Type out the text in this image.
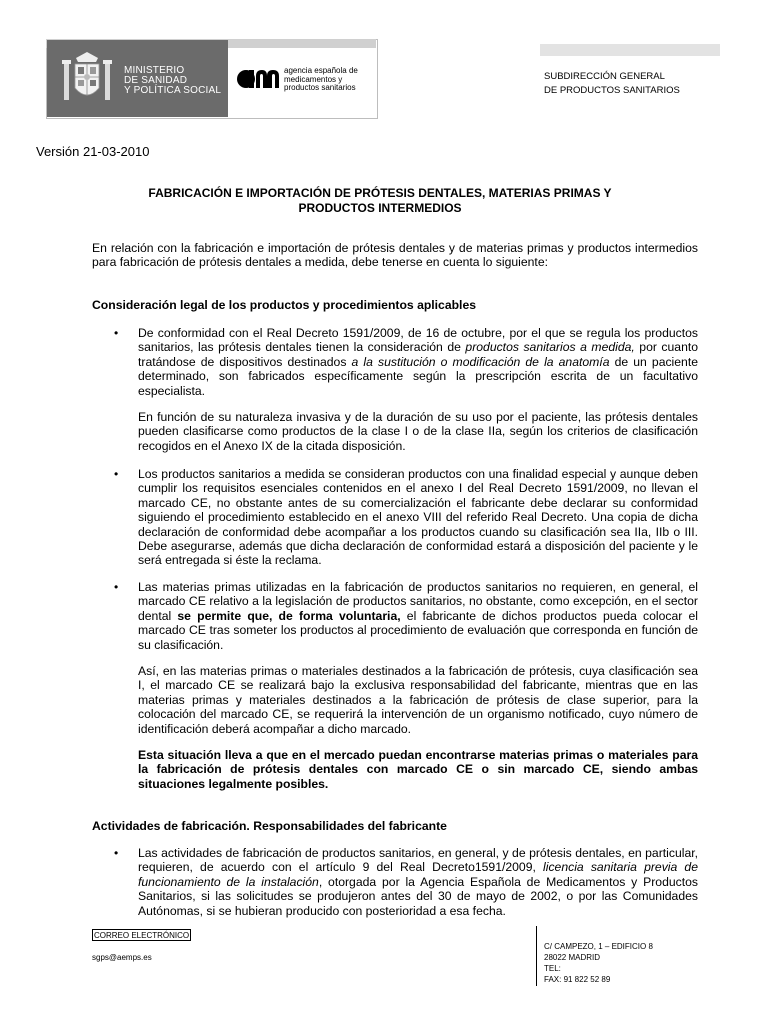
MINISTERIO
DE SANIDAD
Y POLÍTICA SOCIAL
agencia española de
medicamentos y
productos sanitarios
SUBDIRECCIÓN GENERAL
DE PRODUCTOS SANITARIOS
Versión 21-03-2010
FABRICACIÓN E IMPORTACIÓN DE PRÓTESIS DENTALES, MATERIAS PRIMAS Y
PRODUCTOS INTERMEDIOS
En relación con la fabricación e importación de prótesis dentales y de materias primas y productos intermedios para fabricación de prótesis dentales a medida, debe tenerse en cuenta lo siguiente:
Consideración legal de los productos y procedimientos aplicables
• De conformidad con el Real Decreto 1591/2009, de 16 de octubre, por el que se regula los productos sanitarios, las prótesis dentales tienen la consideración de productos sanitarios a medida, por cuanto tratándose de dispositivos destinados a la sustitución o modificación de la anatomía de un paciente determinado, son fabricados específicamente según la prescripción escrita de un facultativo especialista.
En función de su naturaleza invasiva y de la duración de su uso por el paciente, las prótesis dentales pueden clasificarse como productos de la clase I o de la clase IIa, según los criterios de clasificación recogidos en el Anexo IX de la citada disposición.
• Los productos sanitarios a medida se consideran productos con una finalidad especial y aunque deben cumplir los requisitos esenciales contenidos en el anexo I del Real Decreto 1591/2009, no llevan el marcado CE, no obstante antes de su comercialización el fabricante debe declarar su conformidad siguiendo el procedimiento establecido en el anexo VIII del referido Real Decreto. Una copia de dicha declaración de conformidad debe acompañar a los productos cuando su clasificación sea IIa, IIb o III. Debe asegurarse, además que dicha declaración de conformidad estará a disposición del paciente y le será entregada si éste la reclama.
• Las materias primas utilizadas en la fabricación de productos sanitarios no requieren, en general, el marcado CE relativo a la legislación de productos sanitarios, no obstante, como excepción, en el sector dental se permite que, de forma voluntaria, el fabricante de dichos productos pueda colocar el marcado CE tras someter los productos al procedimiento de evaluación que corresponda en función de su clasificación.
Así, en las materias primas o materiales destinados a la fabricación de prótesis, cuya clasificación sea I, el marcado CE se realizará bajo la exclusiva responsabilidad del fabricante, mientras que en las materias primas y materiales destinados a la fabricación de prótesis de clase superior, para la colocación del marcado CE, se requerirá la intervención de un organismo notificado, cuyo número de identificación deberá acompañar a dicho marcado.
Esta situación lleva a que en el mercado puedan encontrarse materias primas o materiales para la fabricación de prótesis dentales con marcado CE o sin marcado CE, siendo ambas situaciones legalmente posibles.
Actividades de fabricación. Responsabilidades del fabricante
• Las actividades de fabricación de productos sanitarios, en general, y de prótesis dentales, en particular, requieren, de acuerdo con el artículo 9 del Real Decreto1591/2009, licencia sanitaria previa de funcionamiento de la instalación, otorgada por la Agencia Española de Medicamentos y Productos Sanitarios, si las solicitudes se produjeron antes del 30 de mayo de 2002, o por las Comunidades Autónomas, si se hubieran producido con posterioridad a esa fecha.
CORREO ELECTRÓNICO
sgps@aemps.es
C/ CAMPEZO, 1 – EDIFICIO 8
28022 MADRID
TEL:
FAX: 91 822 52 89
